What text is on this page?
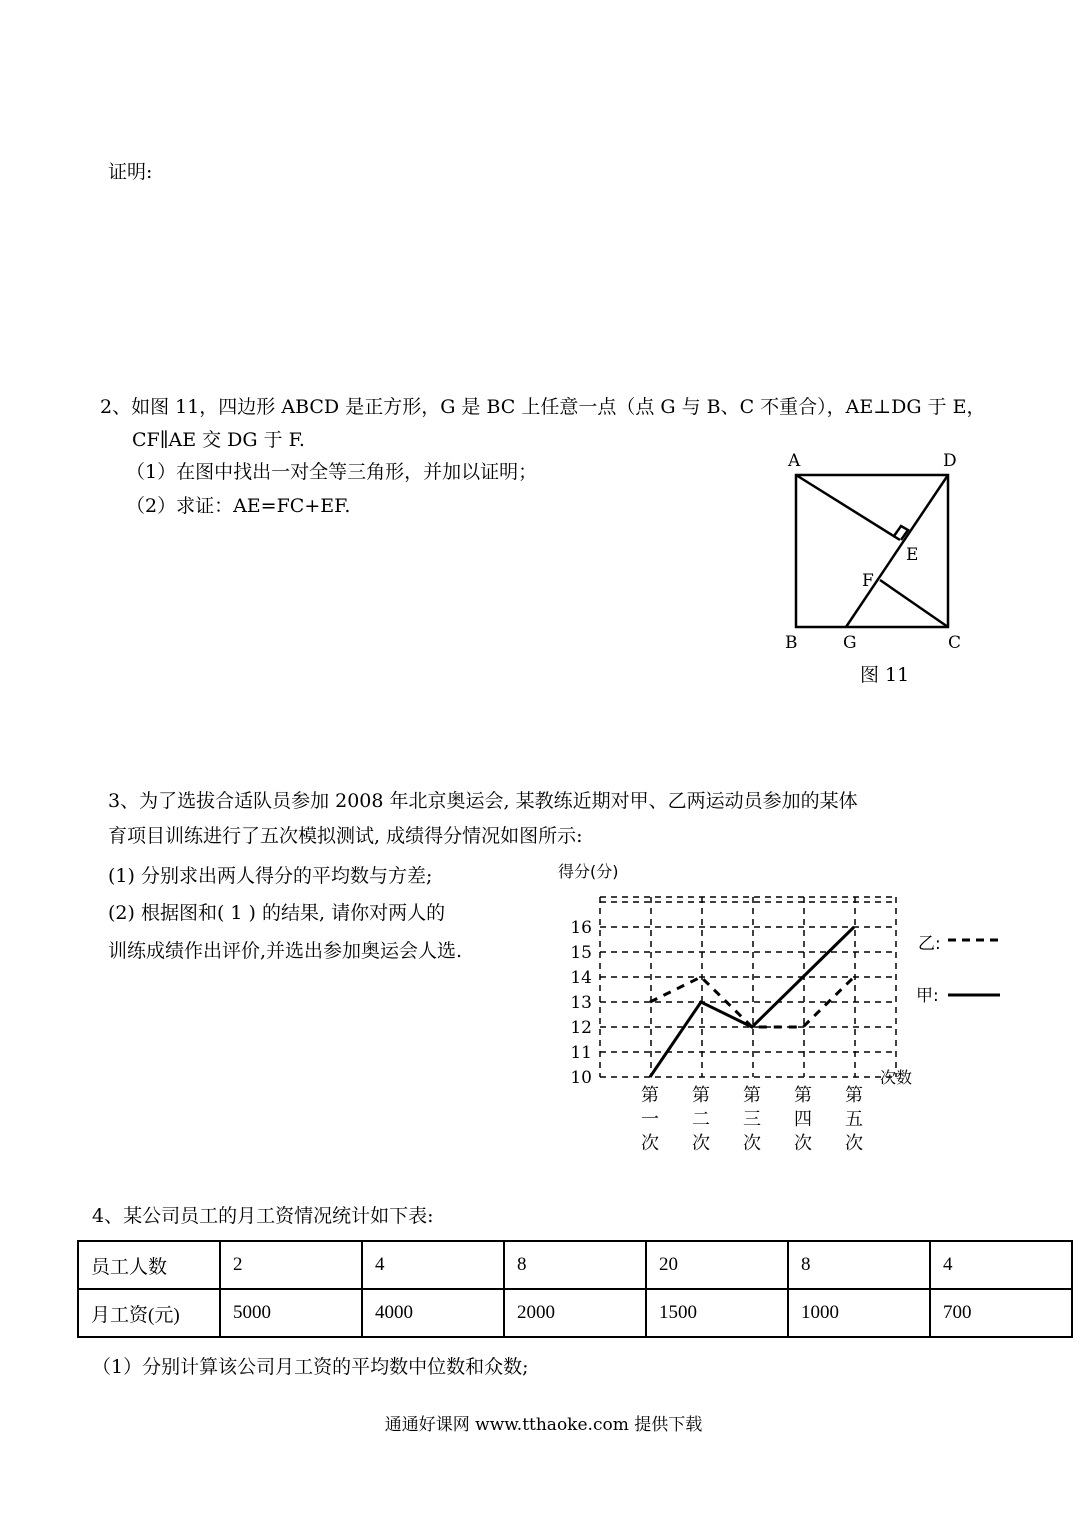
证明:
2、如图 11，四边形 ABCD 是正方形，G 是 BC 上任意一点（点 G 与 B、C 不重合），AE⊥DG 于 E，
CF∥AE 交 DG 于 F.
（1）在图中找出一对全等三角形，并加以证明；
（2）求证：AE=FC+EF.
A	D
E
F
B	G	C
图 11
3、为了选拔合适队员参加 2008 年北京奥运会, 某教练近期对甲、乙两运动员参加的某体
育项目训练进行了五次模拟测试, 成绩得分情况如图所示:
(1) 分别求出两人得分的平均数与方差;
(2) 根据图和( 1 ) 的结果, 请你对两人的
训练成绩作出评价,并选出参加奥运会人选.
得分(分)
次数
10
11
12
13
14
15
16
第
一
次
第
二
次
第
三
次
第
四
次
第
五
次
乙:
甲:
4、某公司员工的月工资情况统计如下表:
员工人数	2	4	8	20	8	4
月工资(元)	5000	4000	2000	1500	1000	700
（1）分别计算该公司月工资的平均数中位数和众数;
通通好课网 www.tthaoke.com 提供下载
